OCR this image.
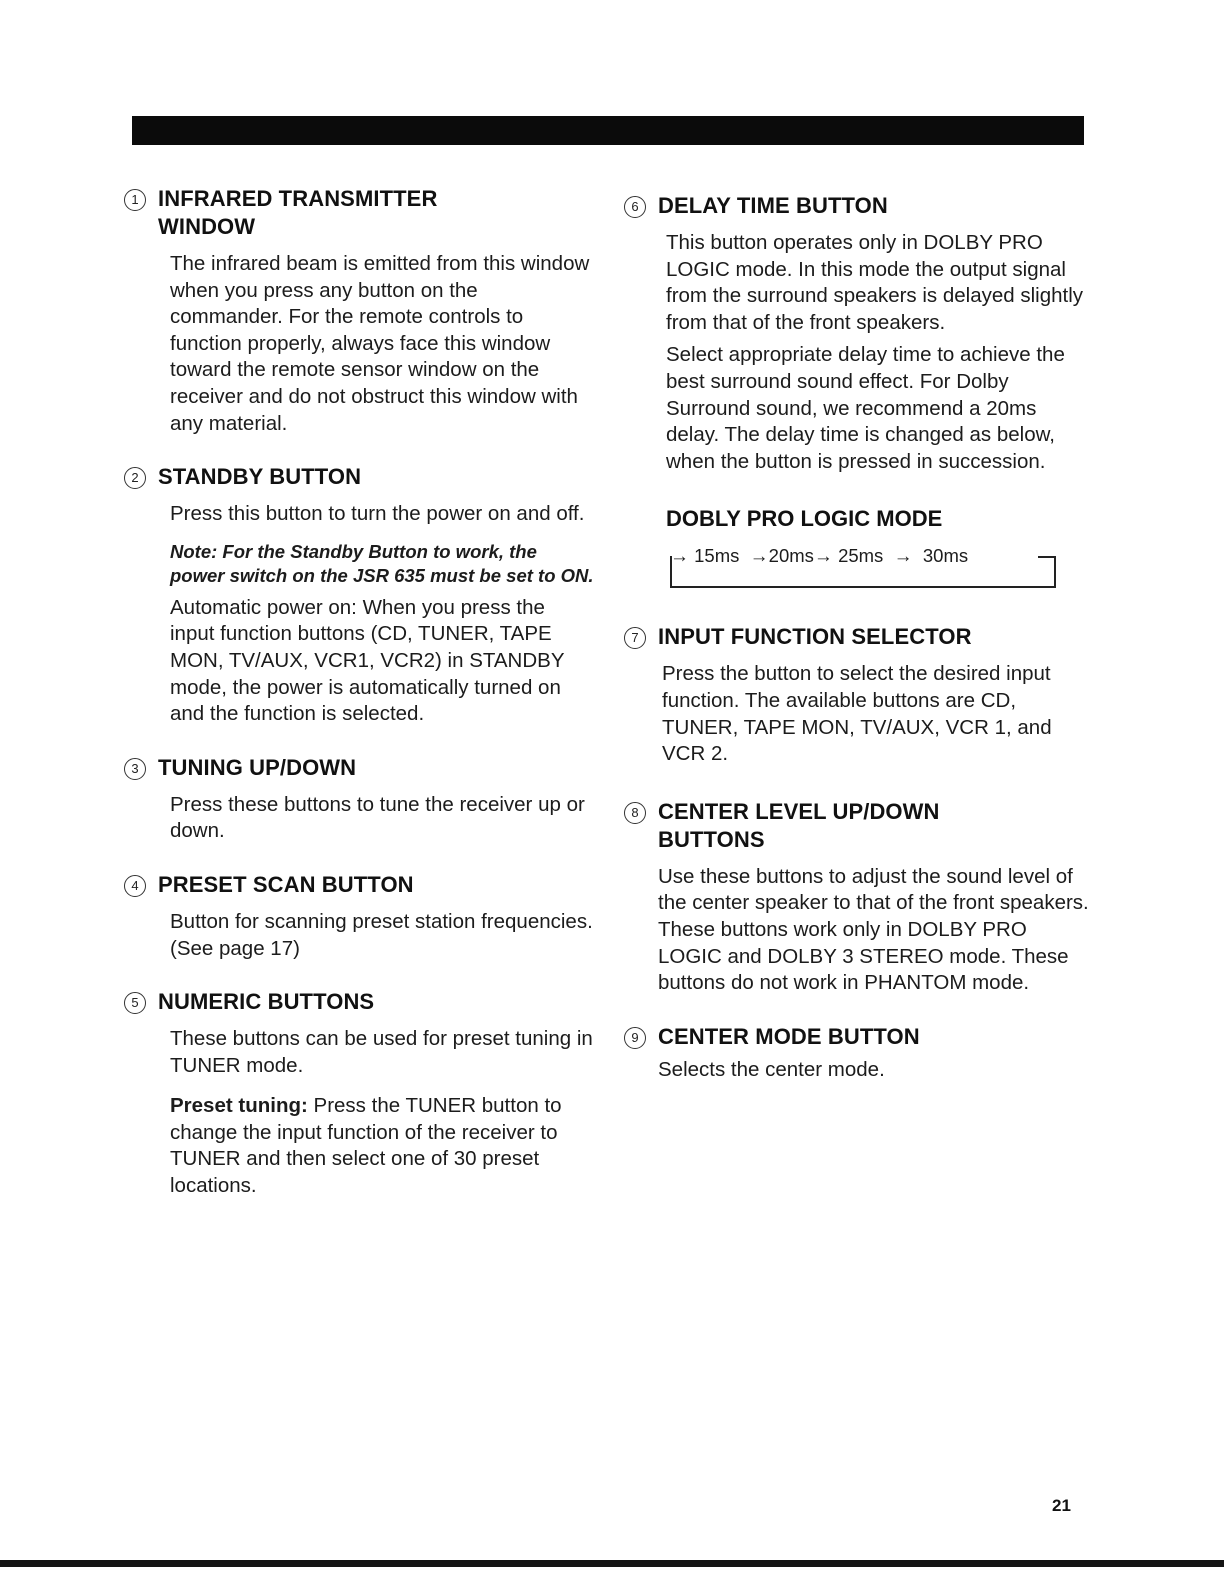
1 INFRARED TRANSMITTER
WINDOW

The infrared beam is emitted from this window when you press any button on the commander. For the remote controls to function properly, always face this window toward the remote sensor window on the receiver and do not obstruct this window with any material.

2 STANDBY BUTTON

Press this button to turn the power on and off.

Note: For the Standby Button to work, the power switch on the JSR 635 must be set to ON.

Automatic power on: When you press the input function buttons (CD, TUNER, TAPE MON, TV/AUX, VCR1, VCR2) in STANDBY mode, the power is automatically turned on and the function is selected.

3 TUNING UP/DOWN

Press these buttons to tune the receiver up or down.

4 PRESET SCAN BUTTON

Button for scanning preset station frequencies. (See page 17)

5 NUMERIC BUTTONS

These buttons can be used for preset tuning in TUNER mode.

Preset tuning: Press the TUNER button to change the input function of the receiver to TUNER and then select one of 30 preset locations.

6 DELAY TIME BUTTON

This button operates only in DOLBY PRO LOGIC mode. In this mode the output signal from the surround speakers is delayed slightly from that of the front speakers.

Select appropriate delay time to achieve the best surround sound effect. For Dolby Surround sound, we recommend a 20ms delay. The delay time is changed as below, when the button is pressed in succession.

DOBLY PRO LOGIC MODE
→ 15ms →20ms→ 25ms → 30ms
7 INPUT FUNCTION SELECTOR

Press the button to select the desired input function. The available buttons are CD, TUNER, TAPE MON, TV/AUX, VCR 1, and VCR 2.

8 CENTER LEVEL UP/DOWN
BUTTONS

Use these buttons to adjust the sound level of the center speaker to that of the front speakers. These buttons work only in DOLBY PRO LOGIC and DOLBY 3 STEREO mode. These buttons do not work in PHANTOM mode.

9 CENTER MODE BUTTON

Selects the center mode.

21
